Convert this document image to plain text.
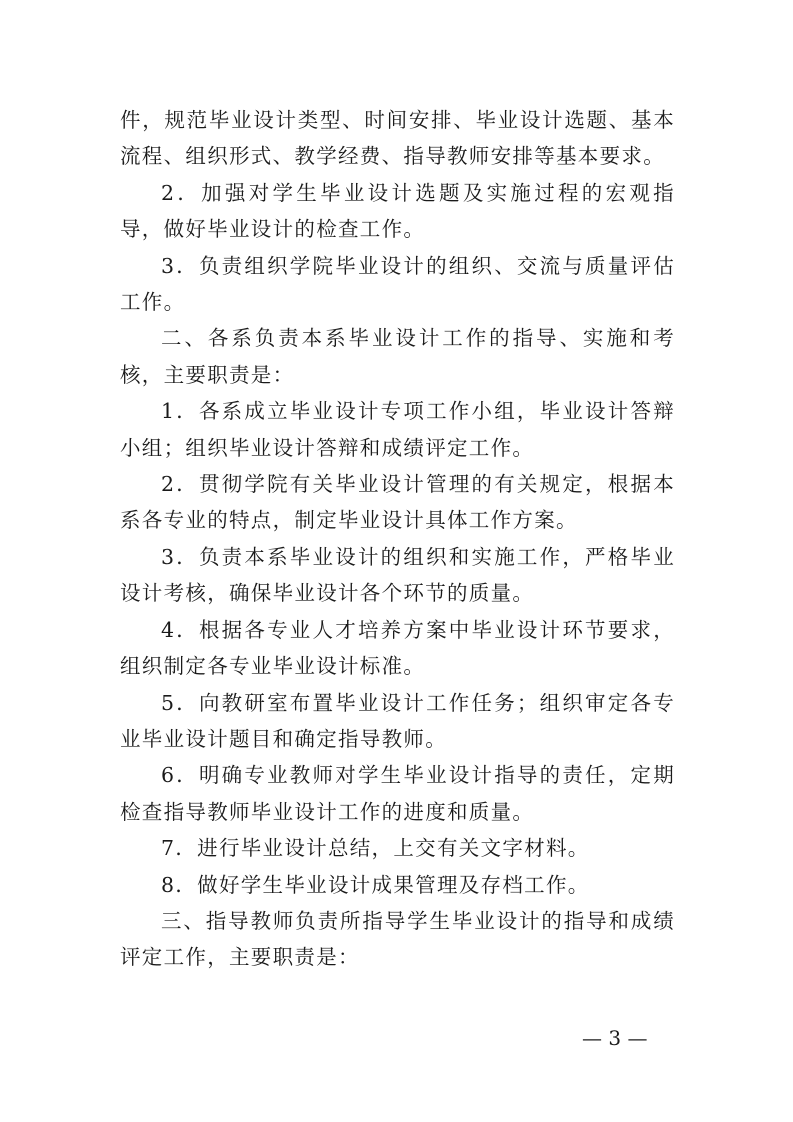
件，规范毕业设计类型、时间安排、毕业设计选题、基本流程、组织形式、教学经费、指导教师安排等基本要求。

2．加强对学生毕业设计选题及实施过程的宏观指导，做好毕业设计的检查工作。

3．负责组织学院毕业设计的组织、交流与质量评估工作。

二、各系负责本系毕业设计工作的指导、实施和考核，主要职责是：

1．各系成立毕业设计专项工作小组，毕业设计答辩小组；组织毕业设计答辩和成绩评定工作。

2．贯彻学院有关毕业设计管理的有关规定，根据本系各专业的特点，制定毕业设计具体工作方案。

3．负责本系毕业设计的组织和实施工作，严格毕业设计考核，确保毕业设计各个环节的质量。

4．根据各专业人才培养方案中毕业设计环节要求，组织制定各专业毕业设计标准。

5．向教研室布置毕业设计工作任务；组织审定各专业毕业设计题目和确定指导教师。

6．明确专业教师对学生毕业设计指导的责任，定期检查指导教师毕业设计工作的进度和质量。

7．进行毕业设计总结，上交有关文字材料。

8．做好学生毕业设计成果管理及存档工作。

三、指导教师负责所指导学生毕业设计的指导和成绩评定工作，主要职责是：

— 3 —
